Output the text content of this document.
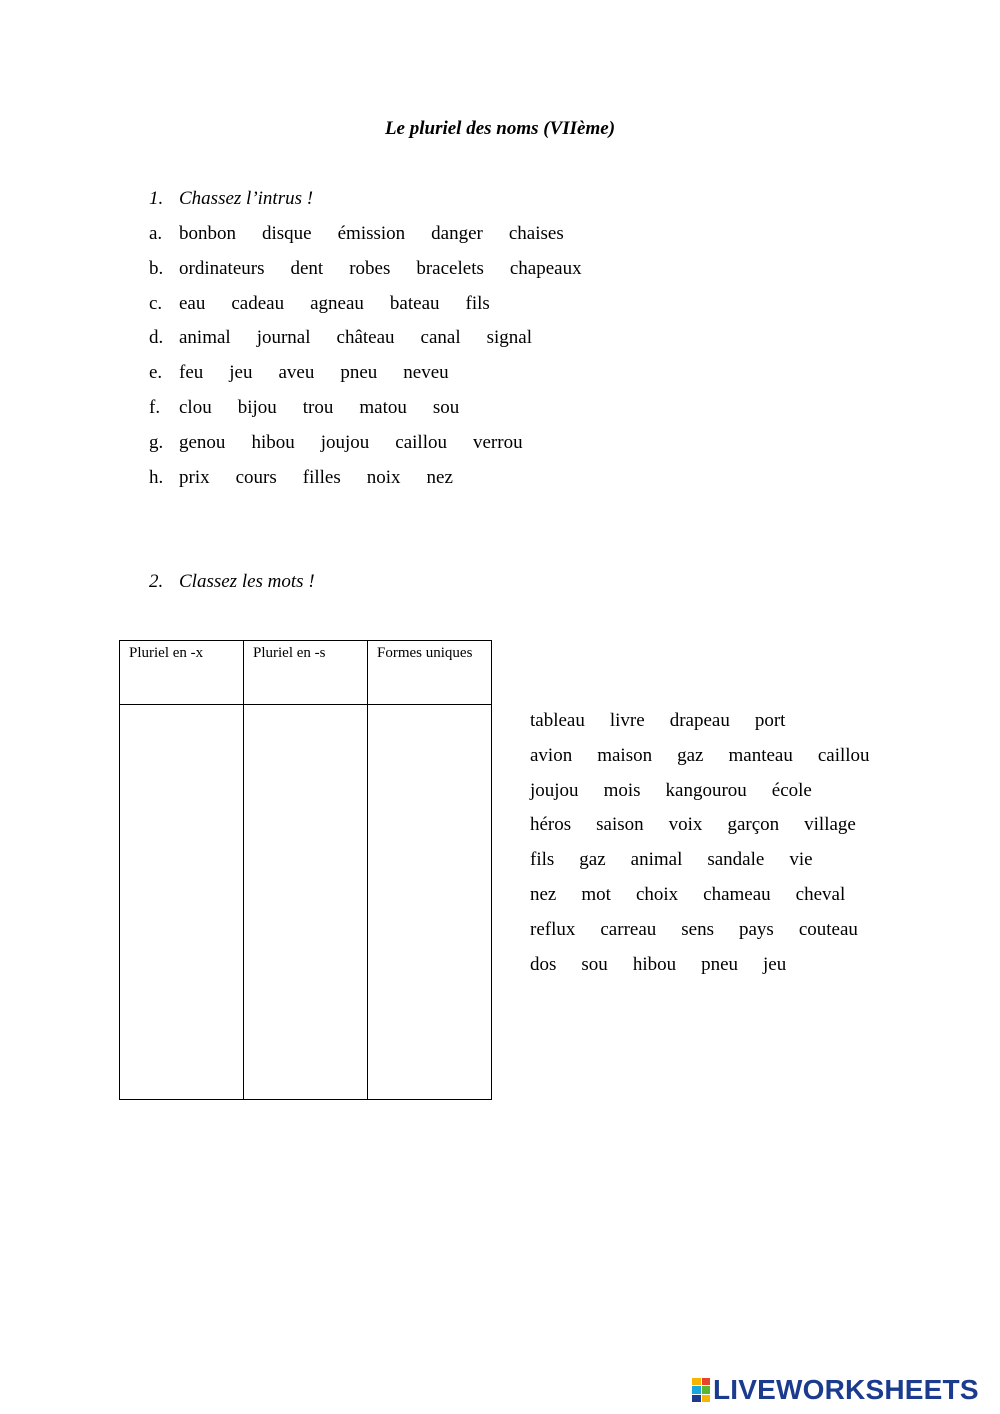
Le pluriel des noms (VIIème)
1. Chassez l’intrus !
a. bonbon disque émission danger chaises
b. ordinateurs dent robes bracelets chapeaux
c. eau cadeau agneau bateau fils
d. animal journal château canal signal
e. feu jeu aveu pneu neveu
f. clou bijou trou matou sou
g. genou hibou joujou caillou verrou
h. prix cours filles noix nez
2. Classez les mots !
Pluriel en -x	Pluriel en -s	Formes uniques

tableau livre drapeau port
avion maison gaz manteau caillou
joujou mois kangourou école
héros saison voix garçon village
fils gaz animal sandale vie
nez mot choix chameau cheval
reflux carreau sens pays couteau
dos sou hibou pneu jeu
LIVEWORKSHEETS
